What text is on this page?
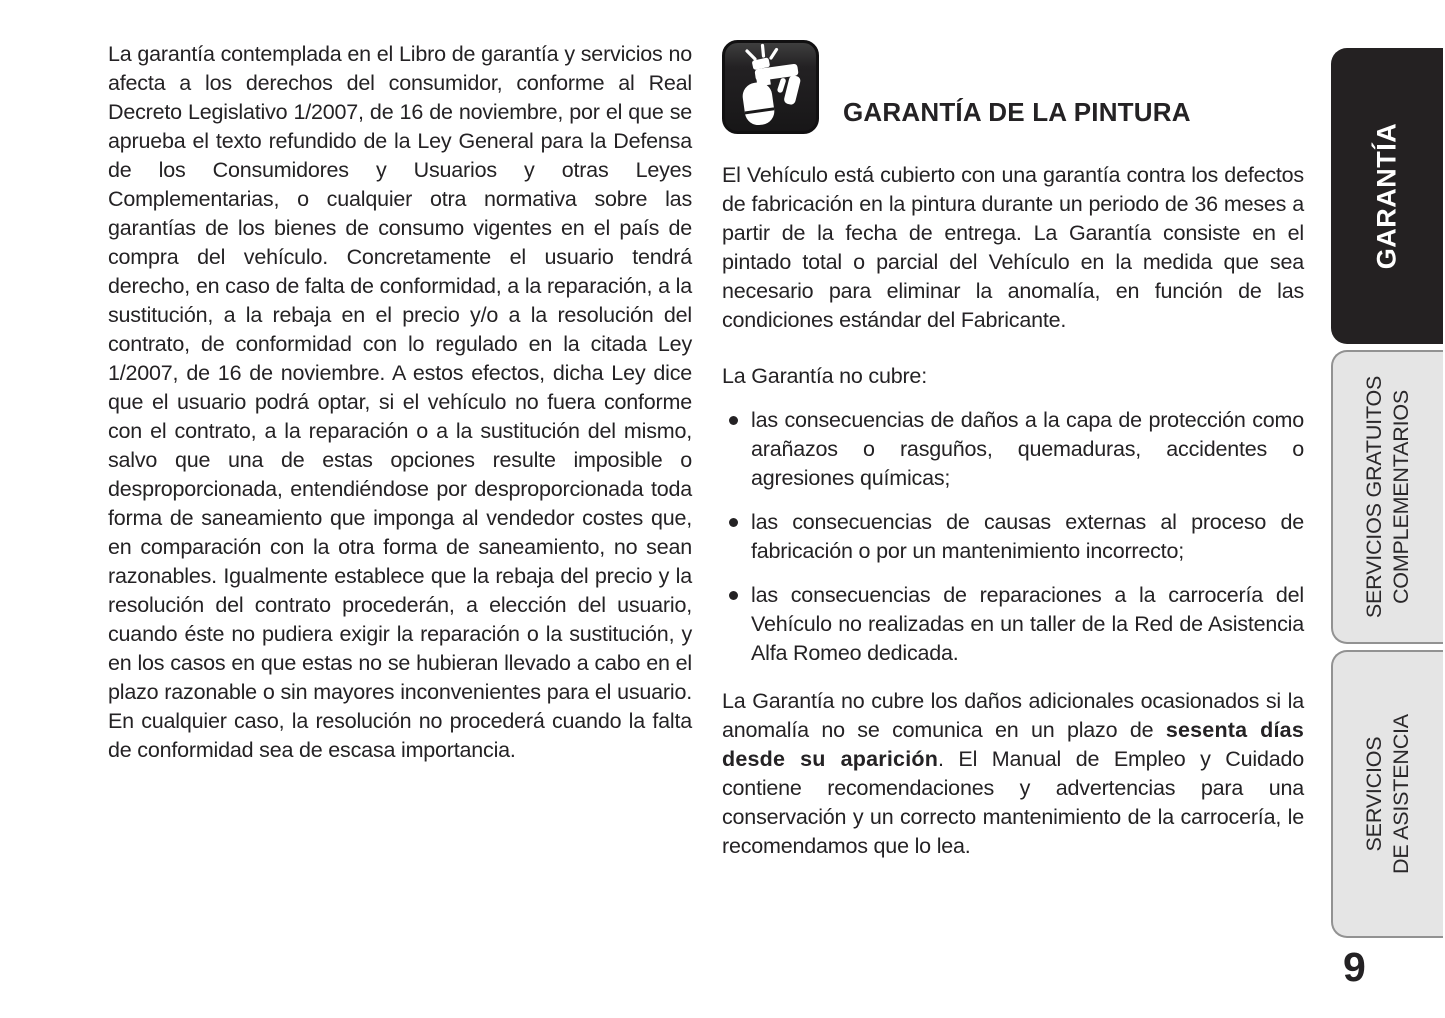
La garantía contemplada en el Libro de garantía y servicios no afecta a los derechos del consumidor, conforme al Real Decreto Legislativo 1/2007, de 16 de noviembre, por el que se aprueba el texto refundido de la Ley General para la Defensa de los Consumidores y Usuarios y otras Leyes Complementarias, o cualquier otra normativa sobre las garantías de los bienes de consumo vigentes en el país de compra del vehículo. Concretamente el usuario tendrá derecho, en caso de falta de conformidad, a la reparación, a la sustitución, a la rebaja en el precio y/o a la resolución del contrato, de conformidad con lo regulado en la citada Ley 1/2007, de 16 de noviembre. A estos efectos, dicha Ley dice que el usuario podrá optar, si el vehículo no fuera conforme con el contrato, a la reparación o a la sustitución del mismo, salvo que una de estas opciones resulte imposible o desproporcionada, entendiéndose por desproporcionada toda forma de saneamiento que imponga al vendedor costes que, en comparación con la otra forma de saneamiento, no sean razonables. Igualmente establece que la rebaja del precio y la resolución del contrato procederán, a elección del usuario, cuando éste no pudiera exigir la reparación o la sustitución, y en los casos en que estas no se hubieran llevado a cabo en el plazo razonable o sin mayores inconvenientes para el usuario. En cualquier caso, la resolución no procederá cuando la falta de conformidad sea de escasa importancia.

GARANTÍA DE LA PINTURA

El Vehículo está cubierto con una garantía contra los defectos de fabricación en la pintura durante un periodo de 36 meses a partir de la fecha de entrega. La Garantía consiste en el pintado total o parcial del Vehículo en la medida que sea necesario para eliminar la anomalía, en función de las condiciones estándar del Fabricante.

La Garantía no cubre:

las consecuencias de daños a la capa de protección como arañazos o rasguños, quemaduras, accidentes o agresiones químicas;
las consecuencias de causas externas al proceso de fabricación o por un mantenimiento incorrecto;
las consecuencias de reparaciones a la carrocería del Vehículo no realizadas en un taller de la Red de Asistencia Alfa Romeo dedicada.

La Garantía no cubre los daños adicionales ocasionados si la anomalía no se comunica en un plazo de sesenta días desde su aparición. El Manual de Empleo y Cuidado contiene recomendaciones y advertencias para una conservación y un correcto mantenimiento de la carrocería, le recomendamos que lo lea.

GARANTÍA
SERVICIOS GRATUITOS COMPLEMENTARIOS
SERVICIOS DE ASISTENCIA
9
